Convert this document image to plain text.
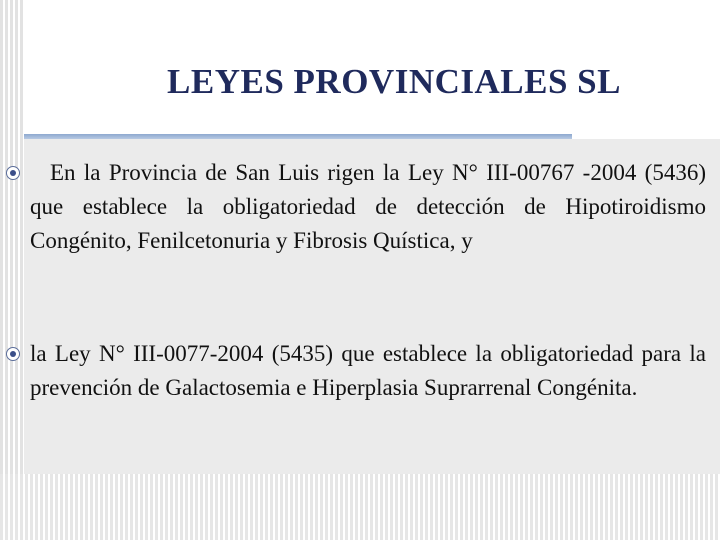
LEYES PROVINCIALES SL

En la Provincia de San Luis rigen la Ley N° III-00767 -2004 (5436) que establece la obligatoriedad de detección de Hipotiroidismo Congénito, Fenilcetonuria y Fibrosis Quística, y

la Ley N° III-0077-2004 (5435) que establece la obligatoriedad para la prevención de Galactosemia e Hiperplasia Suprarrenal Congénita.
